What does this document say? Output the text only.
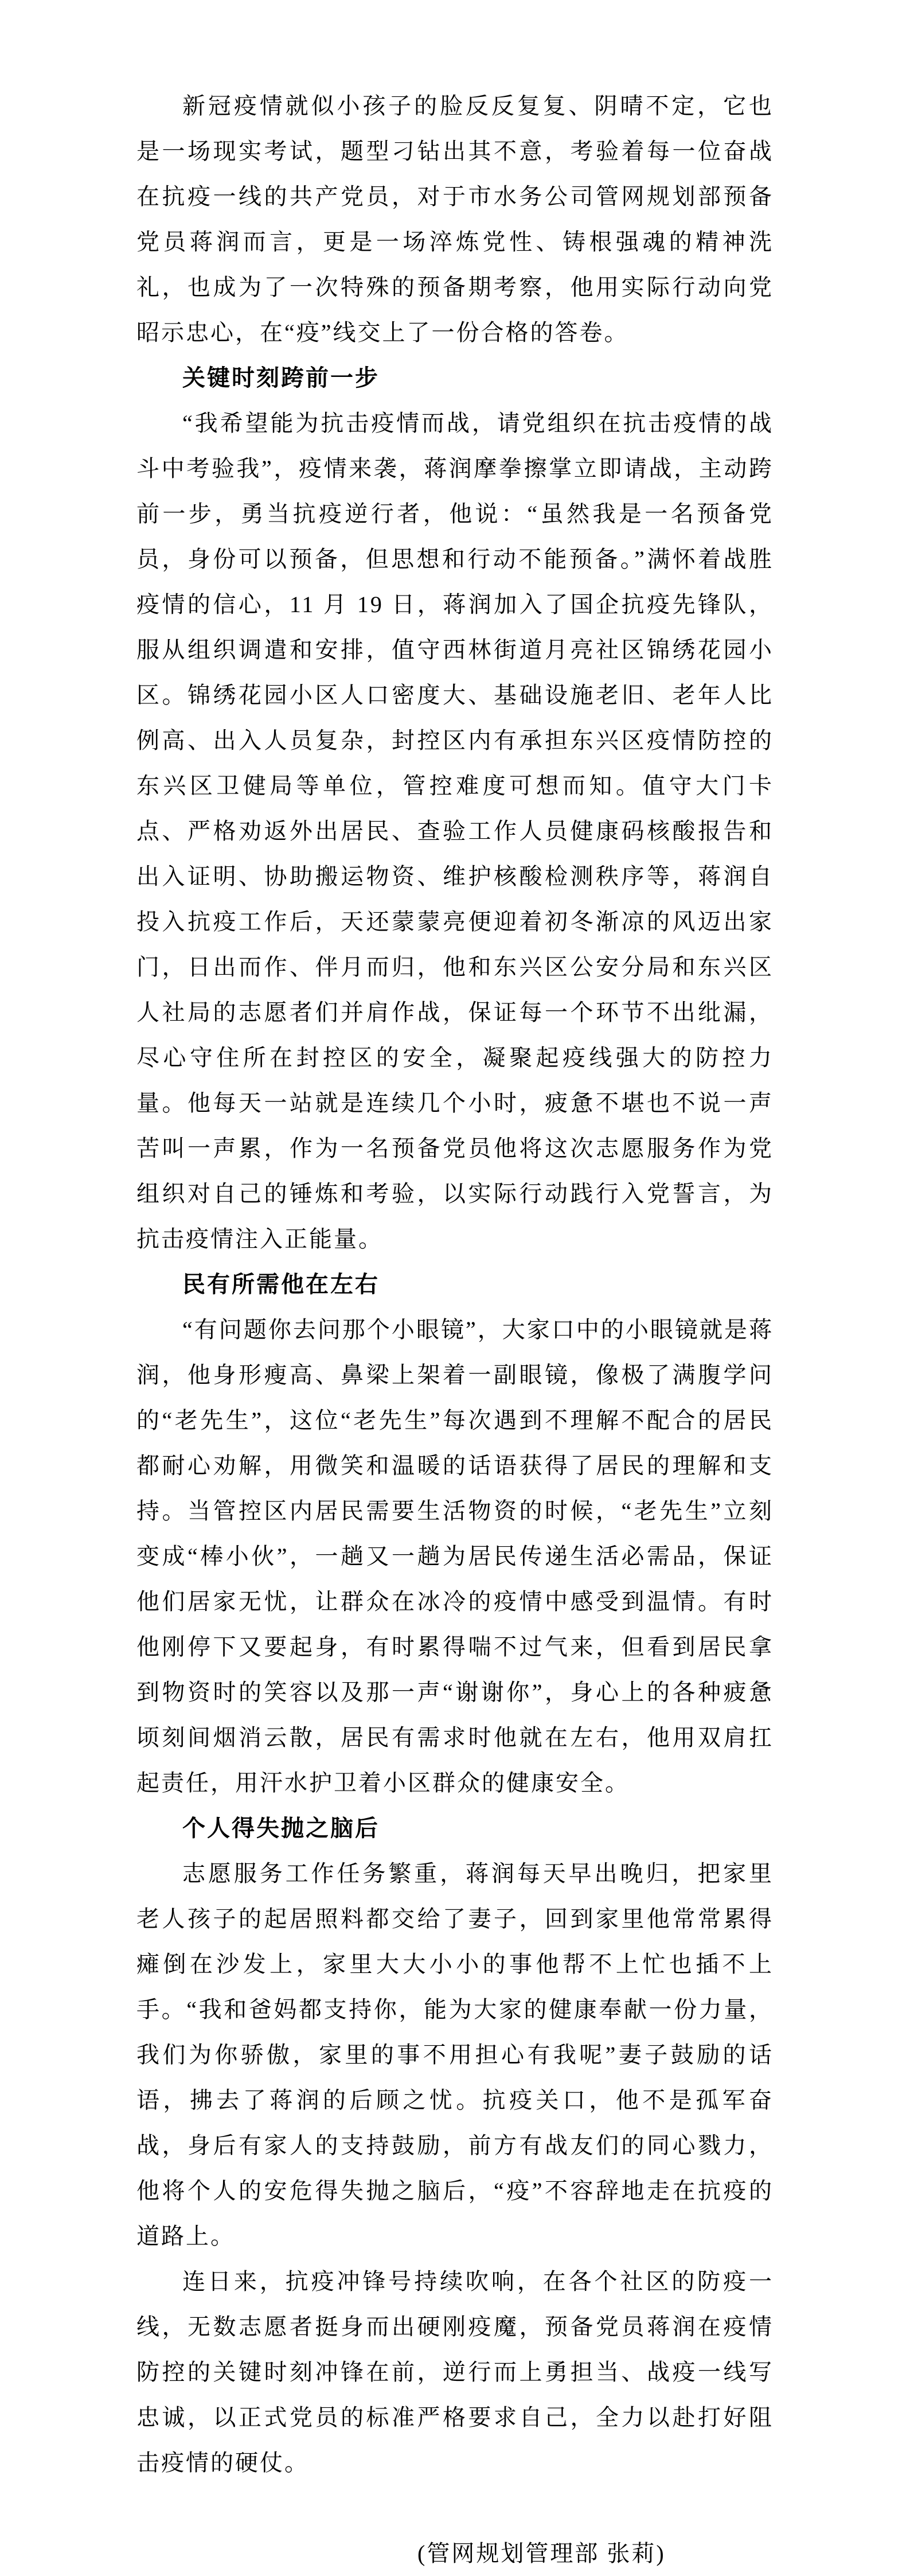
新冠疫情就似小孩子的脸反反复复、阴晴不定，它也是一场现实考试，题型刁钻出其不意，考验着每一位奋战在抗疫一线的共产党员，对于市水务公司管网规划部预备党员蒋润而言，更是一场淬炼党性、铸根强魂的精神洗礼，也成为了一次特殊的预备期考察，他用实际行动向党昭示忠心，在“疫”线交上了一份合格的答卷。

关键时刻跨前一步

“我希望能为抗击疫情而战，请党组织在抗击疫情的战斗中考验我”，疫情来袭，蒋润摩拳擦掌立即请战，主动跨前一步，勇当抗疫逆行者，他说：“虽然我是一名预备党员，身份可以预备，但思想和行动不能预备。”满怀着战胜疫情的信心，11 月 19 日，蒋润加入了国企抗疫先锋队，服从组织调遣和安排，值守西林街道月亮社区锦绣花园小区。锦绣花园小区人口密度大、基础设施老旧、老年人比例高、出入人员复杂，封控区内有承担东兴区疫情防控的东兴区卫健局等单位，管控难度可想而知。值守大门卡点、严格劝返外出居民、查验工作人员健康码核酸报告和出入证明、协助搬运物资、维护核酸检测秩序等，蒋润自投入抗疫工作后，天还蒙蒙亮便迎着初冬渐凉的风迈出家门，日出而作、伴月而归，他和东兴区公安分局和东兴区人社局的志愿者们并肩作战，保证每一个环节不出纰漏，尽心守住所在封控区的安全，凝聚起疫线强大的防控力量。他每天一站就是连续几个小时，疲惫不堪也不说一声苦叫一声累，作为一名预备党员他将这次志愿服务作为党组织对自己的锤炼和考验，以实际行动践行入党誓言，为抗击疫情注入正能量。

民有所需他在左右

“有问题你去问那个小眼镜”，大家口中的小眼镜就是蒋润，他身形瘦高、鼻梁上架着一副眼镜，像极了满腹学问的“老先生”，这位“老先生”每次遇到不理解不配合的居民都耐心劝解，用微笑和温暖的话语获得了居民的理解和支持。当管控区内居民需要生活物资的时候，“老先生”立刻变成“棒小伙”，一趟又一趟为居民传递生活必需品，保证他们居家无忧，让群众在冰冷的疫情中感受到温情。有时他刚停下又要起身，有时累得喘不过气来，但看到居民拿到物资时的笑容以及那一声“谢谢你”，身心上的各种疲惫顷刻间烟消云散，居民有需求时他就在左右，他用双肩扛起责任，用汗水护卫着小区群众的健康安全。

个人得失抛之脑后

志愿服务工作任务繁重，蒋润每天早出晚归，把家里老人孩子的起居照料都交给了妻子，回到家里他常常累得瘫倒在沙发上，家里大大小小的事他帮不上忙也插不上手。“我和爸妈都支持你，能为大家的健康奉献一份力量，我们为你骄傲，家里的事不用担心有我呢”妻子鼓励的话语，拂去了蒋润的后顾之忧。抗疫关口，他不是孤军奋战，身后有家人的支持鼓励，前方有战友们的同心戮力，他将个人的安危得失抛之脑后，“疫”不容辞地走在抗疫的道路上。

连日来，抗疫冲锋号持续吹响，在各个社区的防疫一线，无数志愿者挺身而出硬刚疫魔，预备党员蒋润在疫情防控的关键时刻冲锋在前，逆行而上勇担当、战疫一线写忠诚，以正式党员的标准严格要求自己，全力以赴打好阻击疫情的硬仗。

(管网规划管理部 张莉)
